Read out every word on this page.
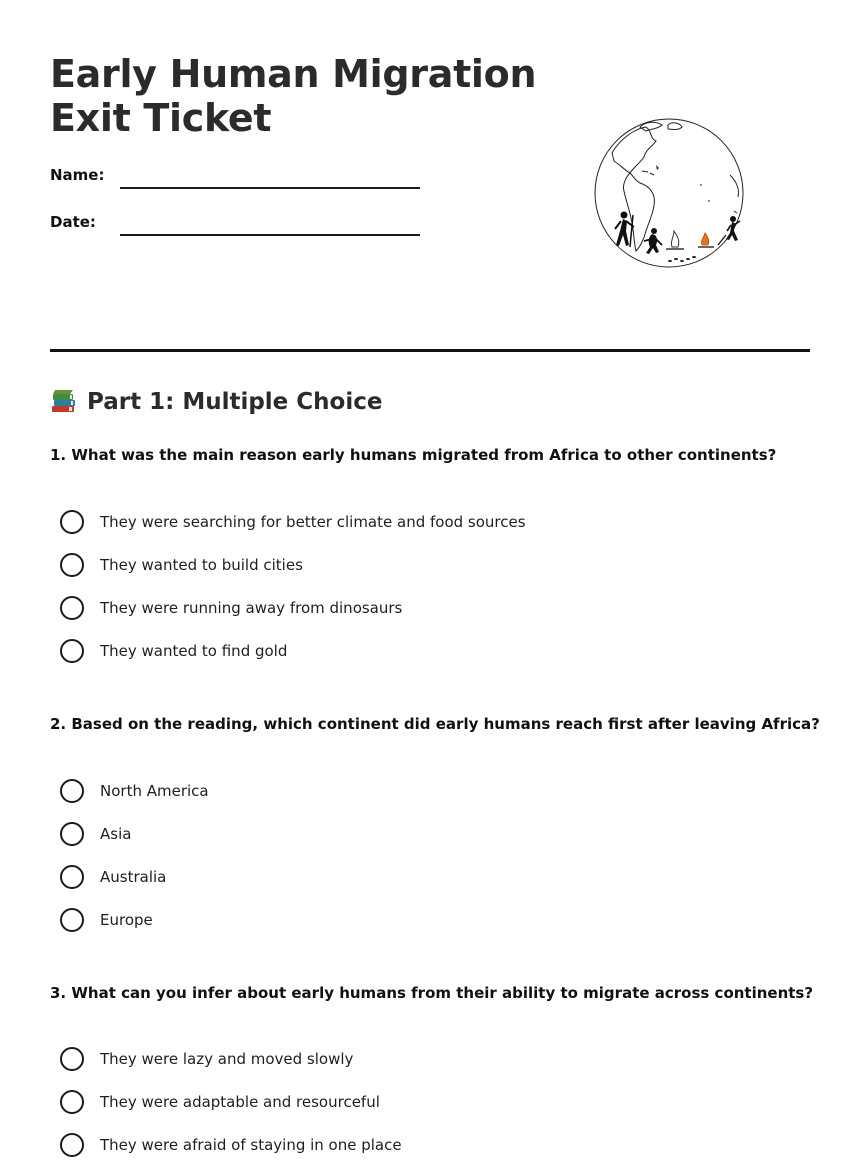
Early Human Migration
Exit Ticket
Name:
Date:
Part 1: Multiple Choice

1. What was the main reason early humans migrated from Africa to other continents?

They were searching for better climate and food sources
They wanted to build cities
They were running away from dinosaurs
They wanted to find gold

2. Based on the reading, which continent did early humans reach first after leaving Africa?

North America
Asia
Australia
Europe

3. What can you infer about early humans from their ability to migrate across continents?

They were lazy and moved slowly
They were adaptable and resourceful
They were afraid of staying in one place
